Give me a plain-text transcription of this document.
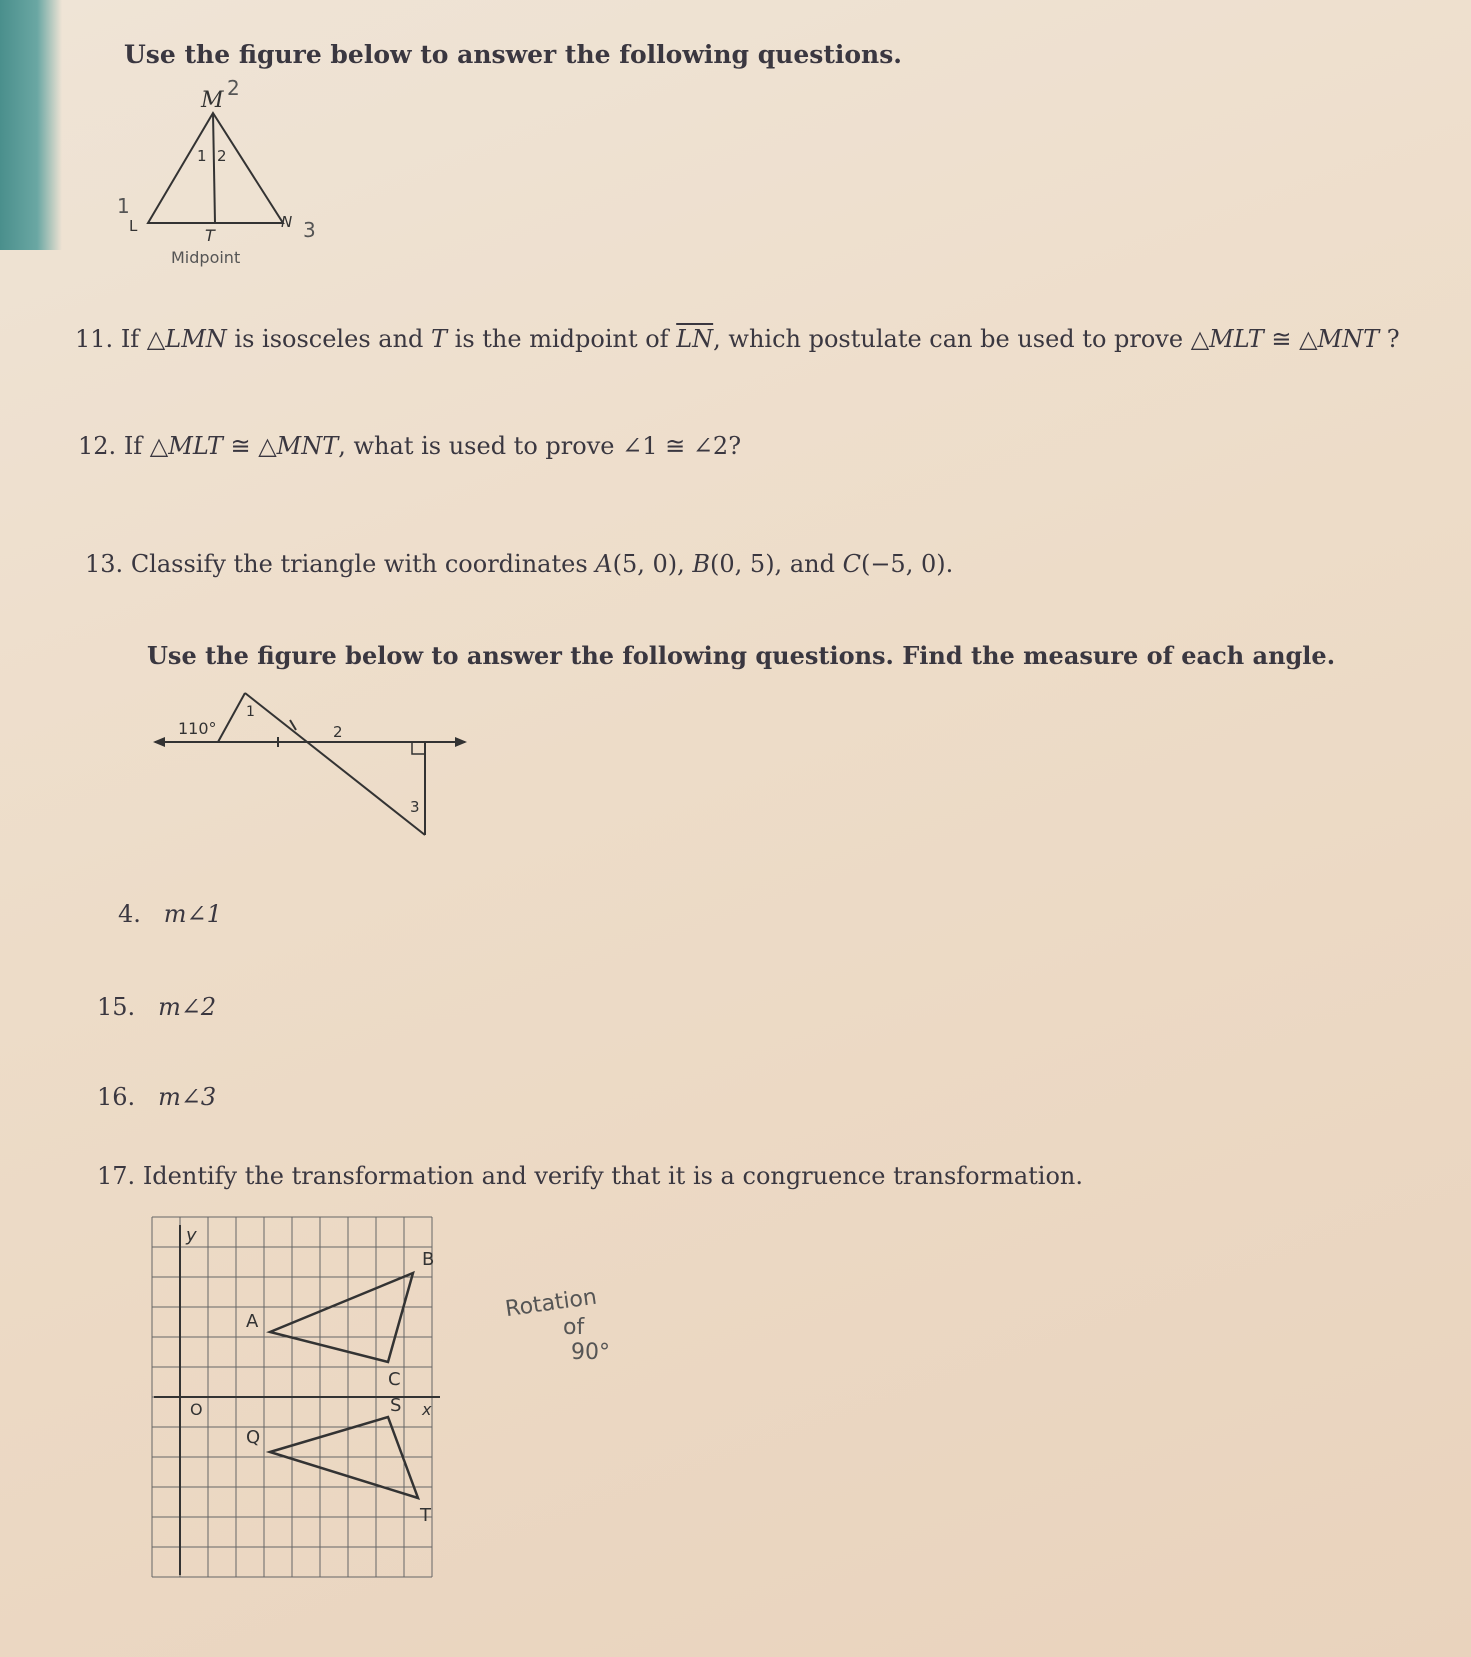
Use the figure below to answer the following questions.
M 2
1 2
1
L	N 3
T
Midpoint
11. If △LMN is isosceles and T is the midpoint of $\overline{LN}$, which postulate can be used to prove △MLT ≅ △MNT ?
12. If △MLT ≅ △MNT, what is used to prove ∠1 ≅ ∠2?
13. Classify the triangle with coordinates A(5, 0), B(0, 5), and C(−5, 0).
Use the figure below to answer the following questions. Find the measure of each angle.
110°
1
2
3
4. m∠1
15. m∠2
16. m∠3
17. Identify the transformation and verify that it is a congruence transformation.
y
x
O
A
B
C
Q
S
T
Rotation
of
90°
